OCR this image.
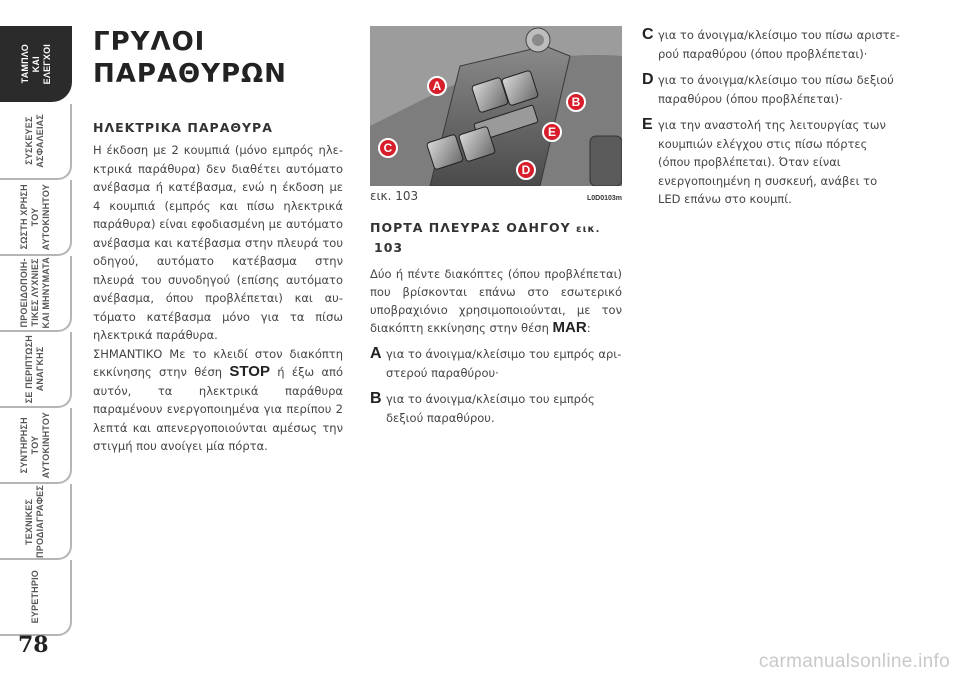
ΤΑΜΠΛΟ
ΚΑΙ
ΕΛΕΓΧΟΙ
ΣΥΣΚΕΥΕΣ
ΑΣΦΑΛΕΙΑΣ
ΣΩΣΤΗ ΧΡΗΣΗ
ΤΟΥ
ΑΥΤΟΚΙΝΗΤΟΥ
ΠΡΟΕΙΔΟΠΟΙΗ-
ΤΙΚΕΣ ΛΥΧΝΙΕΣ
ΚΑΙ ΜΗΝΥΜΑΤΑ
ΣΕ ΠΕΡΙΠΤΩΣΗ
ΑΝΑΓΚΗΣ
ΣΥΝΤΗΡΗΣΗ
ΤΟΥ
ΑΥΤΟΚΙΝΗΤΟΥ
ΤΕΧΝΙΚΕΣ
ΠΡΟΔΙΑΓΡΑΦΕΣ
ΕΥΡΕΤΗΡΙΟ
78
ΓΡΥΛΟΙ
ΠΑΡΑΘΥΡΩΝ
ΗΛΕΚΤΡΙΚΑ ΠΑΡΑΘΥΡΑ

Η έκδοση με 2 κουμπιά (μόνο εμπρός ηλεκτρικά παράθυρα) δεν διαθέτει αυτόματο ανέβασμα ή κατέβασμα, ενώ η έκδοση με 4 κουμπιά (εμπρός και πίσω ηλεκτρικά παράθυρα) είναι εφοδιασμένη με αυτόματο ανέβασμα και κατέβασμα στην πλευρά του οδηγού, αυτόματο κατέβασμα στην πλευρά του συνοδηγού (επίσης αυτόματο ανέβασμα, όπου προβλέπεται) και αυτόματο κατέβασμα μόνο για τα πίσω ηλεκτρικά παράθυρα.

ΣΗΜΑΝΤΙΚΟ Με το κλειδί στον διακόπτη εκκίνησης στην θέση STOP ή έξω από αυτόν, τα ηλεκτρικά παράθυρα παραμένουν ενεργοποιημένα για περίπου 2 λεπτά και απενεργοποιούνται αμέσως την στιγμή που ανοίγει μία πόρτα.

A
B
C
D
E
εικ. 103	L0D0103m
ΠΟΡΤΑ ΠΛΕΥΡΑΣ ΟΔΗΓΟΥ εικ.
103

Δύο ή πέντε διακόπτες (όπου προβλέπεται) που βρίσκονται επάνω στο εσωτερικό υποβραχιόνιο χρησιμοποιούνται, με τον διακόπτη εκκίνησης στην θέση MAR:

A για το άνοιγμα/κλείσιμο του εμπρός αριστερού παραθύρου·
B για το άνοιγμα/κλείσιμο του εμπρός δεξιού παραθύρου.
C για το άνοιγμα/κλείσιμο του πίσω αριστερού παραθύρου (όπου προβλέπεται)·
D για το άνοιγμα/κλείσιμο του πίσω δεξιού παραθύρου (όπου προβλέπεται)·
E για την αναστολή της λειτουργίας των κουμπιών ελέγχου στις πίσω πόρτες (όπου προβλέπεται). Όταν είναι ενεργοποιημένη η συσκευή, ανάβει το LED επάνω στο κουμπί.
carmanualsonline.info
